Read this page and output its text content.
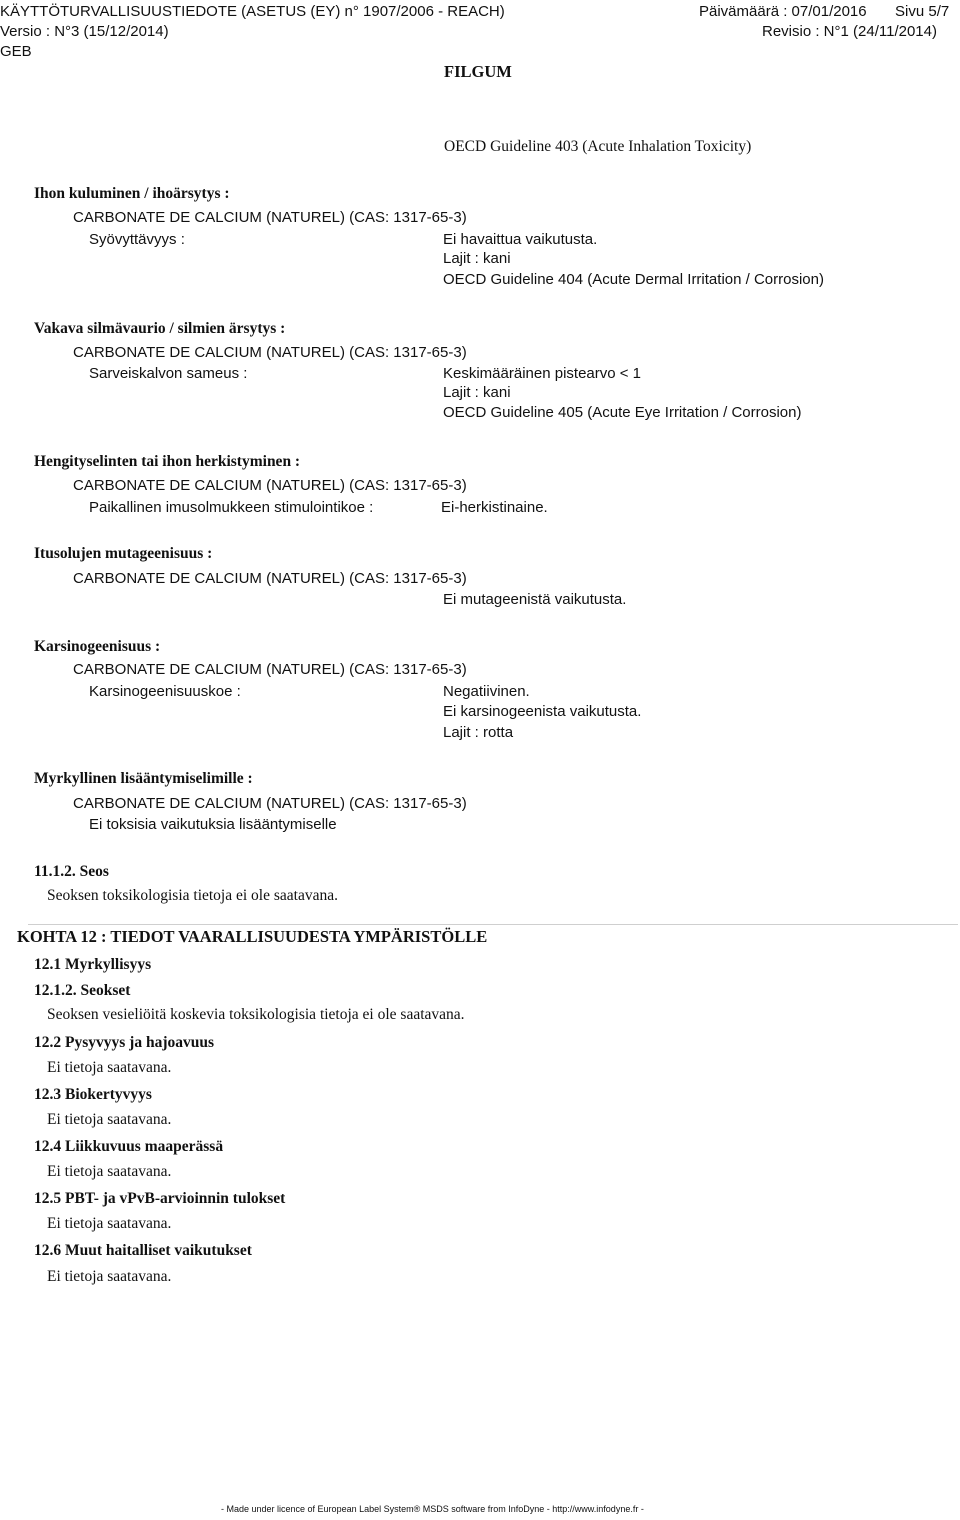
KÄYTTÖTURVALLISUUSTIEDOTE (ASETUS (EY) n° 1907/2006 - REACH)	Päivämäärä : 07/01/2016 Sivu 5/7
Versio : N°3 (15/12/2014)	Revisio : N°1 (24/11/2014)
GEB
FILGUM
OECD Guideline 403 (Acute Inhalation Toxicity)
Ihon kuluminen / ihoärsytys :
CARBONATE DE CALCIUM (NATUREL) (CAS: 1317-65-3)
Syövyttävyys :	Ei havaittua vaikutusta.
Lajit : kani
OECD Guideline 404 (Acute Dermal Irritation / Corrosion)
Vakava silmävaurio / silmien ärsytys :
CARBONATE DE CALCIUM (NATUREL) (CAS: 1317-65-3)
Sarveiskalvon sameus :	Keskimääräinen pistearvo < 1
Lajit : kani
OECD Guideline 405 (Acute Eye Irritation / Corrosion)
Hengityselinten tai ihon herkistyminen :
CARBONATE DE CALCIUM (NATUREL) (CAS: 1317-65-3)
Paikallinen imusolmukkeen stimulointikoe :	Ei-herkistinaine.
Itusolujen mutageenisuus :
CARBONATE DE CALCIUM (NATUREL) (CAS: 1317-65-3)
Ei mutageenistä vaikutusta.
Karsinogeenisuus :
CARBONATE DE CALCIUM (NATUREL) (CAS: 1317-65-3)
Karsinogeenisuuskoe :	Negatiivinen.
Ei karsinogeenista vaikutusta.
Lajit : rotta
Myrkyllinen lisääntymiselimille :
CARBONATE DE CALCIUM (NATUREL) (CAS: 1317-65-3)
Ei toksisia vaikutuksia lisääntymiselle
11.1.2. Seos
Seoksen toksikologisia tietoja ei ole saatavana.
KOHTA 12 : TIEDOT VAARALLISUUDESTA YMPÄRISTÖLLE
12.1 Myrkyllisyys
12.1.2. Seokset
Seoksen vesieliöitä koskevia toksikologisia tietoja ei ole saatavana.
12.2 Pysyvyys ja hajoavuus
Ei tietoja saatavana.
12.3 Biokertyvyys
Ei tietoja saatavana.
12.4 Liikkuvuus maaperässä
Ei tietoja saatavana.
12.5 PBT- ja vPvB-arvioinnin tulokset
Ei tietoja saatavana.
12.6 Muut haitalliset vaikutukset
Ei tietoja saatavana.
- Made under licence of European Label System® MSDS software from InfoDyne - http://www.infodyne.fr -
